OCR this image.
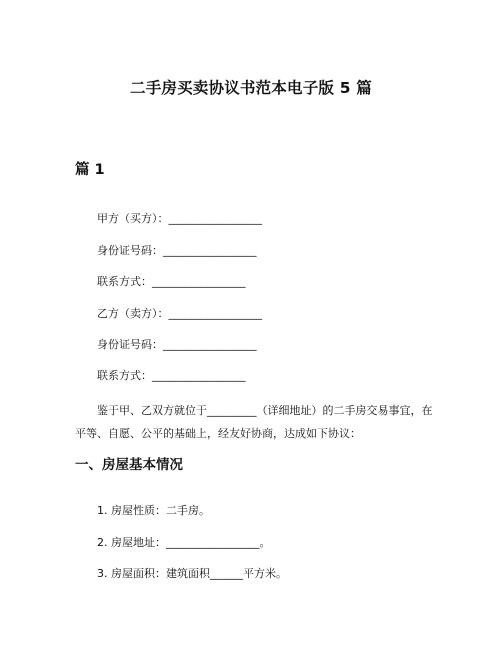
二手房买卖协议书范本电子版 5 篇
篇 1
甲方（买方）：_________________
身份证号码：_________________
联系方式：_________________
乙方（卖方）：_________________
身份证号码：_________________
联系方式：_________________
鉴于甲、乙双方就位于_________（详细地址）的二手房交易事宜，在平等、自愿、公平的基础上，经友好协商，达成如下协议：
一、房屋基本情况
1. 房屋性质：二手房。
2. 房屋地址：_________________。
3. 房屋面积：建筑面积______平方米。
